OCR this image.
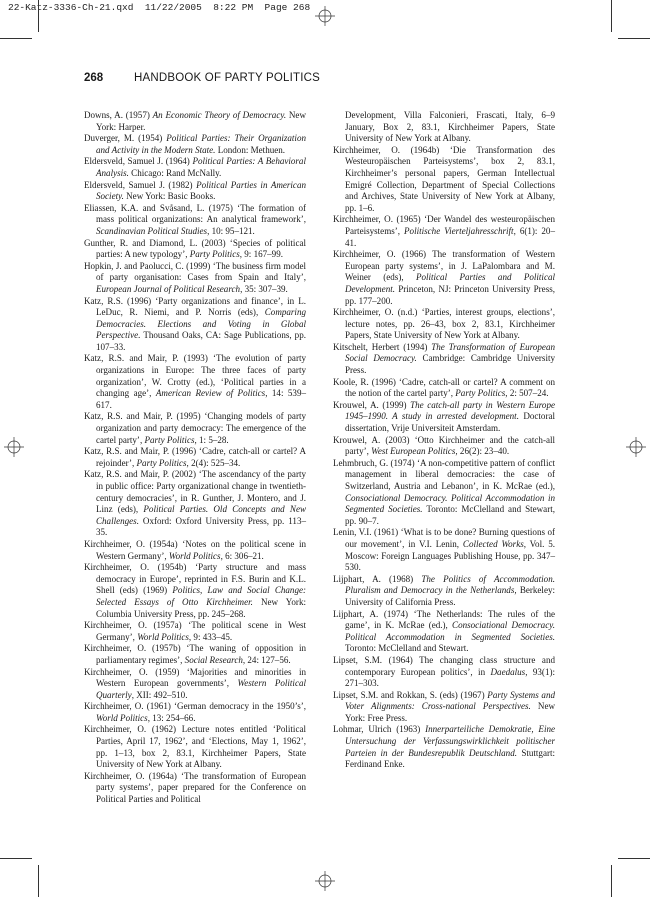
22-Katz-3336-Ch-21.qxd  11/22/2005  8:22 PM  Page 268
268	HANDBOOK OF PARTY POLITICS

Downs, A. (1957) An Economic Theory of Democracy. New York: Harper.

Duverger, M. (1954) Political Parties: Their Organization and Activity in the Modern State. London: Methuen.

Eldersveld, Samuel J. (1964) Political Parties: A Behavioral Analysis. Chicago: Rand McNally.

Eldersveld, Samuel J. (1982) Political Parties in American Society. New York: Basic Books.

Eliassen, K.A. and Svåsand, L. (1975) ‘The formation of mass political organizations: An analytical framework’, Scandinavian Political Studies, 10: 95–121.

Gunther, R. and Diamond, L. (2003) ‘Species of political parties: A new typology’, Party Politics, 9: 167–99.

Hopkin, J. and Paolucci, C. (1999) ‘The business firm model of party organisation: Cases from Spain and Italy’, European Journal of Political Research, 35: 307–39.

Katz, R.S. (1996) ‘Party organizations and finance’, in L. LeDuc, R. Niemi, and P. Norris (eds), Comparing Democracies. Elections and Voting in Global Perspective. Thousand Oaks, CA: Sage Publications, pp. 107–33.

Katz, R.S. and Mair, P. (1993) ‘The evolution of party organizations in Europe: The three faces of party organization’, W. Crotty (ed.), ‘Political parties in a changing age’, American Review of Politics, 14: 539–617.

Katz, R.S. and Mair, P. (1995) ‘Changing models of party organization and party democracy: The emergence of the cartel party’, Party Politics, 1: 5–28.

Katz, R.S. and Mair, P. (1996) ‘Cadre, catch-all or cartel? A rejoinder’, Party Politics, 2(4): 525–34.

Katz, R.S. and Mair, P. (2002) ‘The ascendancy of the party in public office: Party organizational change in twentieth-century democracies’, in R. Gunther, J. Montero, and J. Linz (eds), Political Parties. Old Concepts and New Challenges. Oxford: Oxford University Press, pp. 113–35.

Kirchheimer, O. (1954a) ‘Notes on the political scene in Western Germany’, World Politics, 6: 306–21.

Kirchheimer, O. (1954b) ‘Party structure and mass democracy in Europe’, reprinted in F.S. Burin and K.L. Shell (eds) (1969) Politics, Law and Social Change: Selected Essays of Otto Kirchheimer. New York: Columbia University Press, pp. 245–268.

Kirchheimer, O. (1957a) ‘The political scene in West Germany’, World Politics, 9: 433–45.

Kirchheimer, O. (1957b) ‘The waning of opposition in parliamentary regimes’, Social Research, 24: 127–56.

Kirchheimer, O. (1959) ‘Majorities and minorities in Western European governments’, Western Political Quarterly, XII: 492–510.

Kirchheimer, O. (1961) ‘German democracy in the 1950’s’, World Politics, 13: 254–66.

Kirchheimer, O. (1962) Lecture notes entitled ‘Political Parties, April 17, 1962’, and ‘Elections, May 1, 1962’, pp. 1–13, box 2, 83.1, Kirchheimer Papers, State University of New York at Albany.

Kirchheimer, O. (1964a) ‘The transformation of European party systems’, paper prepared for the Conference on Political Parties and Political

Development, Villa Falconieri, Frascati, Italy, 6–9 January, Box 2, 83.1, Kirchheimer Papers, State University of New York at Albany.

Kirchheimer, O. (1964b) ‘Die Transformation des Westeuropäischen Parteisystems’, box 2, 83.1, Kirchheimer’s personal papers, German Intellectual Emigré Collection, Department of Special Collections and Archives, State University of New York at Albany, pp. 1–6.

Kirchheimer, O. (1965) ‘Der Wandel des westeuropäischen Parteisystems’, Politische Vierteljahresschrift, 6(1): 20–41.

Kirchheimer, O. (1966) The transformation of Western European party systems’, in J. LaPalombara and M. Weiner (eds), Political Parties and Political Development. Princeton, NJ: Princeton University Press, pp. 177–200.

Kirchheimer, O. (n.d.) ‘Parties, interest groups, elections’, lecture notes, pp. 26–43, box 2, 83.1, Kirchheimer Papers, State University of New York at Albany.

Kitschelt, Herbert (1994) The Transformation of European Social Democracy. Cambridge: Cambridge University Press.

Koole, R. (1996) ‘Cadre, catch-all or cartel? A comment on the notion of the cartel party’, Party Politics, 2: 507–24.

Krouwel, A. (1999) The catch-all party in Western Europe 1945–1990. A study in arrested development. Doctoral dissertation, Vrije Universiteit Amsterdam.

Krouwel, A. (2003) ‘Otto Kirchheimer and the catch-all party’, West European Politics, 26(2): 23–40.

Lehmbruch, G. (1974) ‘A non-competitive pattern of conflict management in liberal democracies: the case of Switzerland, Austria and Lebanon’, in K. McRae (ed.), Consociational Democracy. Political Accommodation in Segmented Societies. Toronto: McClelland and Stewart, pp. 90–7.

Lenin, V.I. (1961) ‘What is to be done? Burning questions of our movement’, in V.I. Lenin, Collected Works, Vol. 5. Moscow: Foreign Languages Publishing House, pp. 347–530.

Lijphart, A. (1968) The Politics of Accommodation. Pluralism and Democracy in the Netherlands, Berkeley: University of California Press.

Lijphart, A. (1974) ‘The Netherlands: The rules of the game’, in K. McRae (ed.), Consociational Democracy. Political Accommodation in Segmented Societies. Toronto: McClelland and Stewart.

Lipset, S.M. (1964) The changing class structure and contemporary European politics’, in Daedalus, 93(1): 271–303.

Lipset, S.M. and Rokkan, S. (eds) (1967) Party Systems and Voter Alignments: Cross-national Perspectives. New York: Free Press.

Lohmar, Ulrich (1963) Innerparteiliche Demokratie, Eine Untersuchung der Verfassungswirklichkeit politischer Parteien in der Bundesrepublik Deutschland. Stuttgart: Ferdinand Enke.
